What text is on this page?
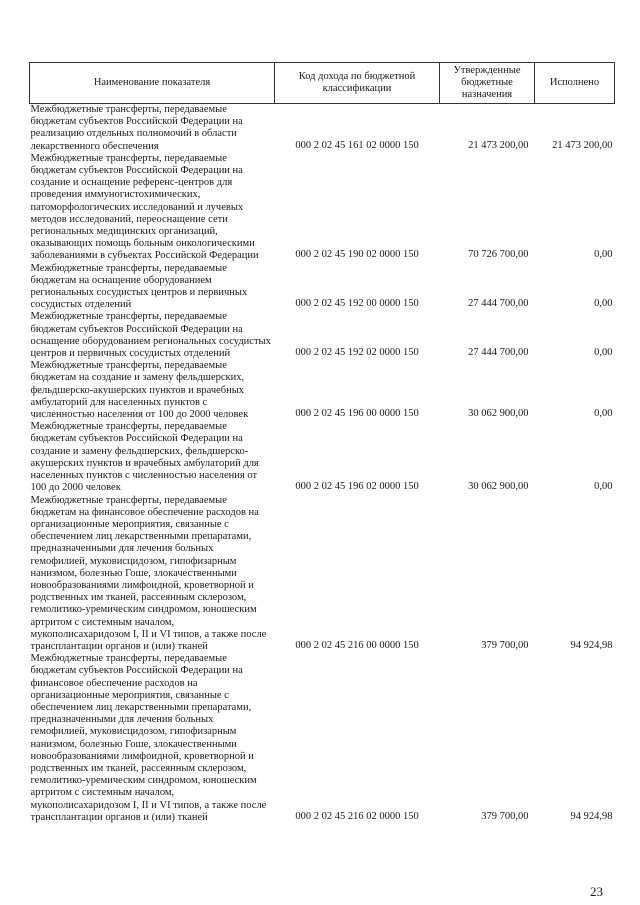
Наименование показателя	Код дохода по бюджетной классификации	Утвержденные бюджетные назначения	Исполнено
Межбюджетные трансферты, передаваемые бюджетам субъектов Российской Федерации на реализацию отдельных полномочий в области лекарственного обеспечения	000 2 02 45 161 02 0000 150	21 473 200,00	21 473 200,00
Межбюджетные трансферты, передаваемые бюджетам субъектов Российской Федерации на создание и оснащение референс-центров для проведения иммуногистохимических, патоморфологических исследований и лучевых методов исследований, переоснащение сети региональных медицинских организаций, оказывающих помощь больным онкологическими заболеваниями в субъектах Российской Федерации	000 2 02 45 190 02 0000 150	70 726 700,00	0,00
Межбюджетные трансферты, передаваемые бюджетам на оснащение оборудованием региональных сосудистых центров и первичных сосудистых отделений	000 2 02 45 192 00 0000 150	27 444 700,00	0,00
Межбюджетные трансферты, передаваемые бюджетам субъектов Российской Федерации на оснащение оборудованием региональных сосудистых центров и первичных сосудистых отделений	000 2 02 45 192 02 0000 150	27 444 700,00	0,00
Межбюджетные трансферты, передаваемые бюджетам на создание и замену фельдшерских, фельдшерско-акушерских пунктов и врачебных амбулаторий для населенных пунктов с численностью населения от 100 до 2000 человек	000 2 02 45 196 00 0000 150	30 062 900,00	0,00
Межбюджетные трансферты, передаваемые бюджетам субъектов Российской Федерации на создание и замену фельдшерских, фельдшерско-акушерских пунктов и врачебных амбулаторий для населенных пунктов с численностью населения от 100 до 2000 человек	000 2 02 45 196 02 0000 150	30 062 900,00	0,00
Межбюджетные трансферты, передаваемые бюджетам на финансовое обеспечение расходов на организационные мероприятия, связанные с обеспечением лиц лекарственными препаратами, предназначенными для лечения больных гемофилией, муковисцидозом, гипофизарным нанизмом, болезнью Гоше, злокачественными новообразованиями лимфоидной, кроветворной и родственных им тканей, рассеянным склерозом, гемолитико-уремическим синдромом, юношеским артритом с системным началом, мукополисахаридозом I, II и VI типов, а также после трансплантации органов и (или) тканей	000 2 02 45 216 00 0000 150	379 700,00	94 924,98
Межбюджетные трансферты, передаваемые бюджетам субъектов Российской Федерации на финансовое обеспечение расходов на организационные мероприятия, связанные с обеспечением лиц лекарственными препаратами, предназначенными для лечения больных гемофилией, муковисцидозом, гипофизарным нанизмом, болезнью Гоше, злокачественными новообразованиями лимфоидной, кроветворной и родственных им тканей, рассеянным склерозом, гемолитико-уремическим синдромом, юношеским артритом с системным началом, мукополисахаридозом I, II и VI типов, а также после трансплантации органов и (или) тканей	000 2 02 45 216 02 0000 150	379 700,00	94 924,98
23
